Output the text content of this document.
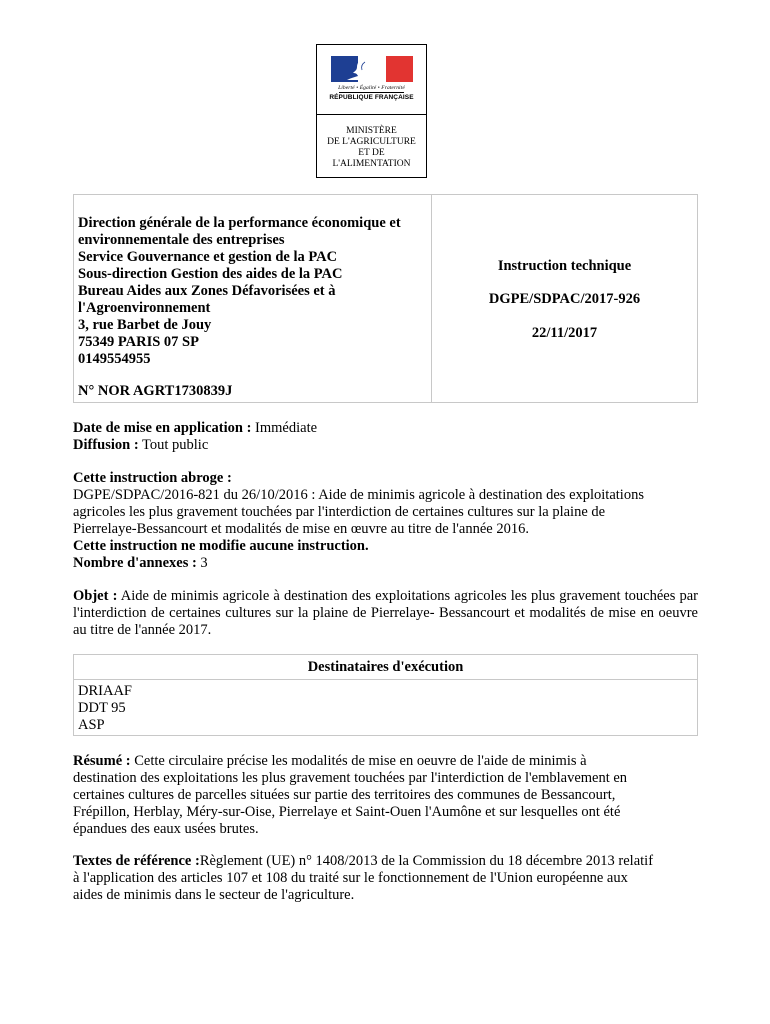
Liberté • Égalité • Fraternité
RÉPUBLIQUE FRANÇAISE
MINISTÈRE
DE L'AGRICULTURE
ET DE
L'ALIMENTATION
Direction générale de la performance économique et
environnementale des entreprises
Service Gouvernance et gestion de la PAC
Sous-direction Gestion des aides de la PAC
Bureau Aides aux Zones Défavorisées et à
l'Agroenvironnement
3, rue Barbet de Jouy
75349 PARIS 07 SP
0149554955
N° NOR AGRT1730839J
Instruction technique
DGPE/SDPAC/2017-926
22/11/2017
Date de mise en application : Immédiate
Diffusion : Tout public
Cette instruction abroge :
DGPE/SDPAC/2016-821 du 26/10/2016 : Aide de minimis agricole à destination des exploitations
agricoles les plus gravement touchées par l'interdiction de certaines cultures sur la plaine de
Pierrelaye-Bessancourt et modalités de mise en œuvre au titre de l'année 2016.
Cette instruction ne modifie aucune instruction.
Nombre d'annexes : 3
Objet : Aide de minimis agricole à destination des exploitations agricoles les plus gravement touchées par l'interdiction de certaines cultures sur la plaine de Pierrelaye- Bessancourt et modalités de mise en oeuvre au titre de l'année 2017.
Destinataires d'exécution
DRIAAF
DDT 95
ASP
Résumé : Cette circulaire précise les modalités de mise en oeuvre de l'aide de minimis à
destination des exploitations les plus gravement touchées par l'interdiction de l'emblavement en
certaines cultures de parcelles situées sur partie des territoires des communes de Bessancourt,
Frépillon, Herblay, Méry-sur-Oise, Pierrelaye et Saint-Ouen l'Aumône et sur lesquelles ont été
épandues des eaux usées brutes.
Textes de référence :Règlement (UE) n° 1408/2013 de la Commission du 18 décembre 2013 relatif
à l'application des articles 107 et 108 du traité sur le fonctionnement de l'Union européenne aux
aides de minimis dans le secteur de l'agriculture.
